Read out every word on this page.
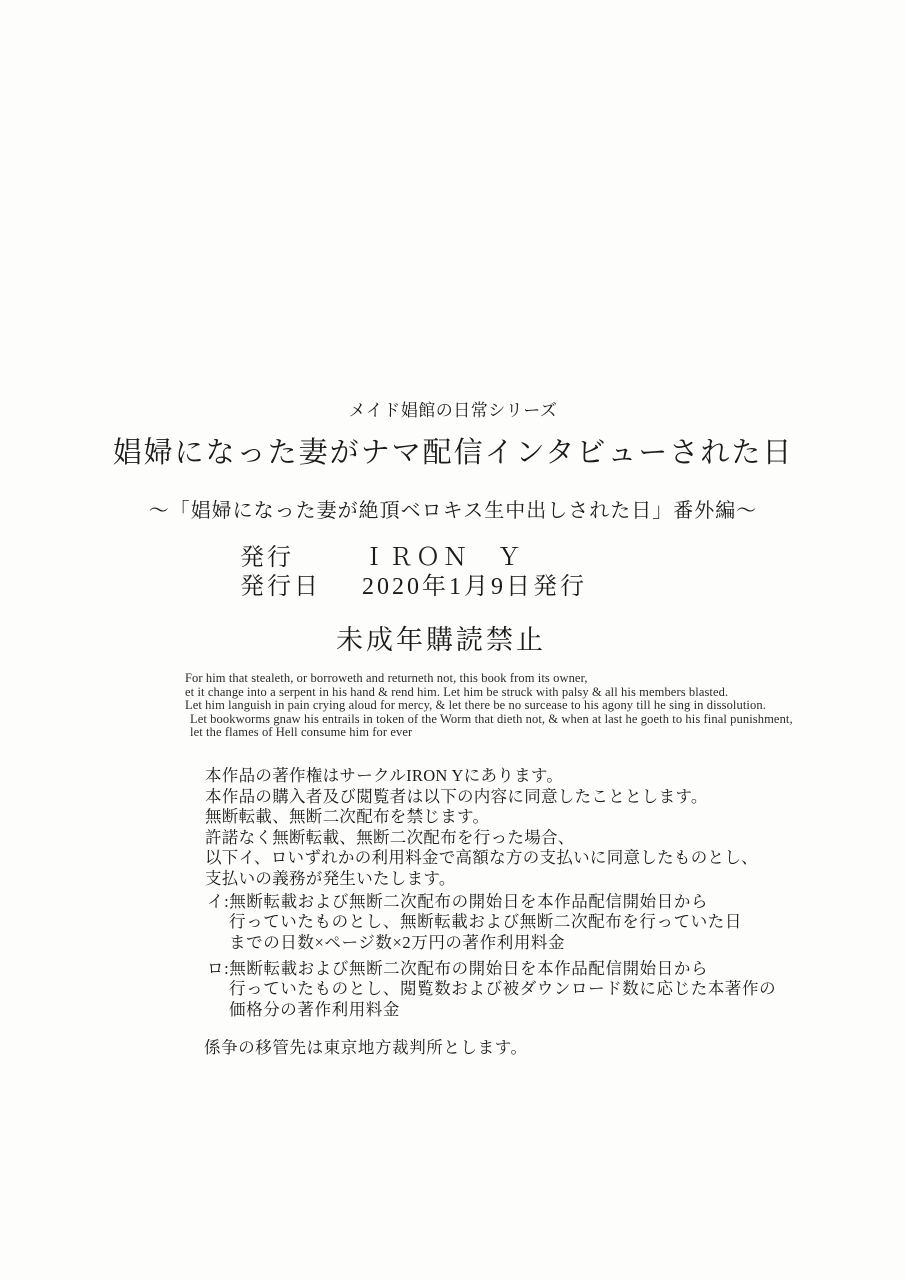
メイド娼館の日常シリーズ
娼婦になった妻がナマ配信インタビューされた日
〜「娼婦になった妻が絶頂ベロキス生中出しされた日」番外編〜
発行	ＩＲＯＮ　Ｙ
発行日	2020年1月9日発行
未成年購読禁止
For him that stealeth, or borroweth and returneth not, this book from its owner,
et it change into a serpent in his hand & rend him. Let him be struck with palsy & all his members blasted.
Let him languish in pain crying aloud for mercy, & let there be no surcease to his agony till he sing in dissolution.
Let bookworms gnaw his entrails in token of the Worm that dieth not, & when at last he goeth to his final punishment,
let the flames of Hell consume him for ever
本作品の著作権はサークルIRON Yにあります。
本作品の購入者及び閲覧者は以下の内容に同意したこととします。
無断転載、無断二次配布を禁じます。
許諾なく無断転載、無断二次配布を行った場合、
以下イ、ロいずれかの利用料金で高額な方の支払いに同意したものとし、
支払いの義務が発生いたします。
イ:無断転載および無断二次配布の開始日を本作品配信開始日から
行っていたものとし、無断転載および無断二次配布を行っていた日
までの日数×ページ数×2万円の著作利用料金
ロ:無断転載および無断二次配布の開始日を本作品配信開始日から
行っていたものとし、閲覧数および被ダウンロード数に応じた本著作の
価格分の著作利用料金
係争の移管先は東京地方裁判所とします。
